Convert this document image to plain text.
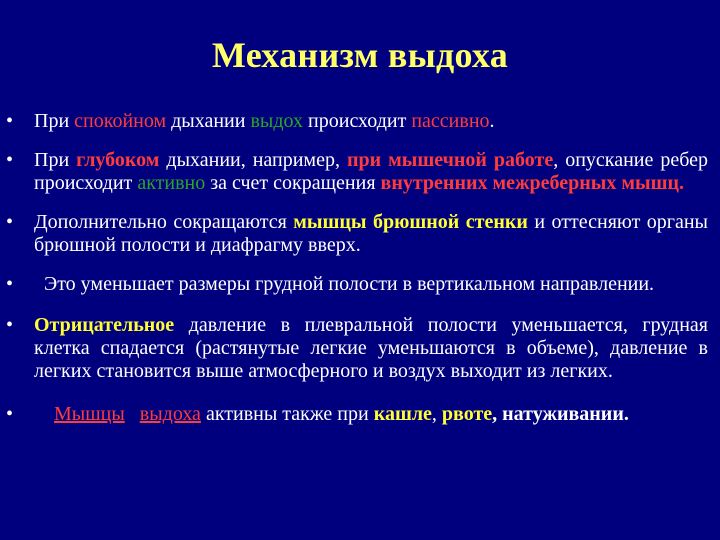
Механизм выдоха
• При спокойном дыхании выдох происходит пассивно.
• При глубоком дыхании, например, при мышечной работе, опускание ребер происходит активно за счет сокращения внутренних межреберных мышц.
• Дополнительно сокращаются мышцы брюшной стенки и оттесняют органы брюшной полости и диафрагму вверх.
• Это уменьшает размеры грудной полости в вертикальном направлении.
• Отрицательное давление в плевральной полости уменьшается, грудная клетка спадается (растянутые легкие уменьшаются в объеме), давление в легких становится выше атмосферного и воздух выходит из легких.
• Мышцы выдоха активны также при кашле, рвоте, натуживании.
